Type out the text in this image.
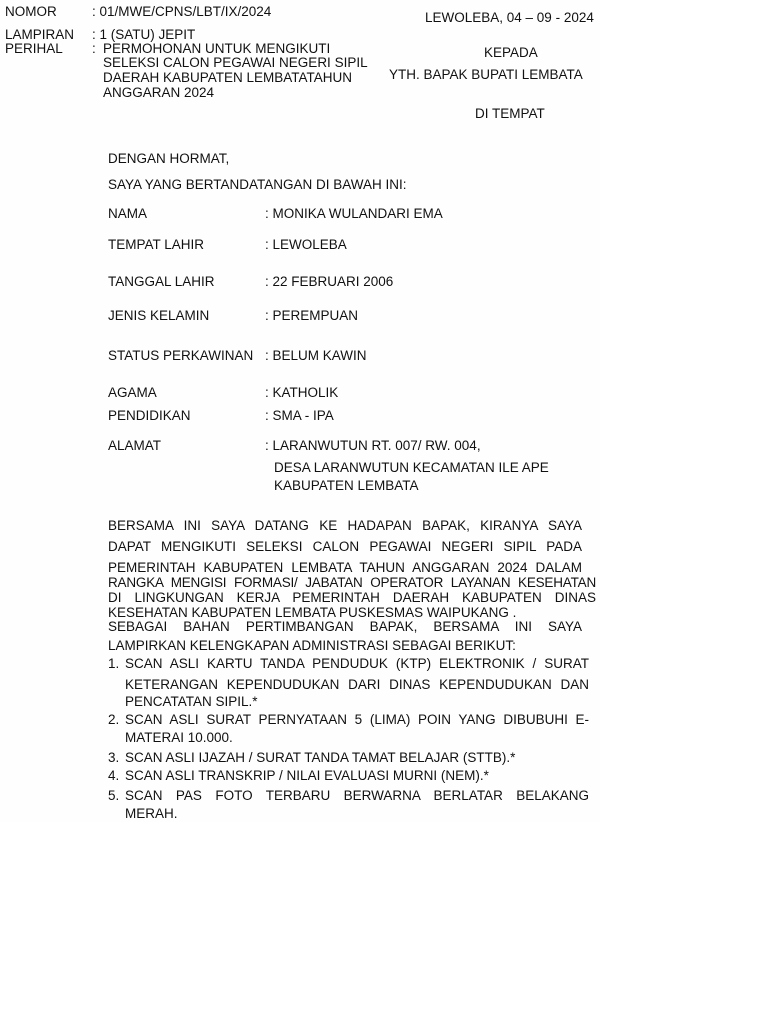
NOMOR	: 01/MWE/CPNS/LBT/IX/2024
LAMPIRAN : 1 (SATU) JEPIT
PERIHAL : PERMOHONAN UNTUK MENGIKUTI
SELEKSI CALON PEGAWAI NEGERI SIPIL
DAERAH KABUPATEN LEMBATATAHUN
ANGGARAN 2024
LEWOLEBA, 04 – 09 - 2024
KEPADA
YTH. BAPAK BUPATI LEMBATA
DI TEMPAT
DENGAN HORMAT,
SAYA YANG BERTANDATANGAN DI BAWAH INI:
NAMA	: MONIKA WULANDARI EMA
TEMPAT LAHIR	: LEWOLEBA
TANGGAL LAHIR	: 22 FEBRUARI 2006
JENIS KELAMIN	: PEREMPUAN
STATUS PERKAWINAN : BELUM KAWIN
AGAMA	: KATHOLIK
PENDIDIKAN	: SMA - IPA
ALAMAT	: LARANWUTUN RT. 007/ RW. 004,
DESA LARANWUTUN KECAMATAN ILE APE
KABUPATEN LEMBATA
BERSAMA INI SAYA DATANG KE HADAPAN BAPAK, KIRANYA SAYA
DAPAT MENGIKUTI SELEKSI CALON PEGAWAI NEGERI SIPIL PADA
PEMERINTAH KABUPATEN LEMBATA TAHUN ANGGARAN 2024 DALAM
RANGKA MENGISI FORMASI/ JABATAN OPERATOR LAYANAN KESEHATAN
DI LINGKUNGAN KERJA PEMERINTAH DAERAH KABUPATEN DINAS
KESEHATAN KABUPATEN LEMBATA PUSKESMAS WAIPUKANG .
SEBAGAI BAHAN PERTIMBANGAN BAPAK, BERSAMA INI SAYA
LAMPIRKAN KELENGKAPAN ADMINISTRASI SEBAGAI BERIKUT:
1. SCAN ASLI KARTU TANDA PENDUDUK (KTP) ELEKTRONIK / SURAT
KETERANGAN KEPENDUDUKAN DARI DINAS KEPENDUDUKAN DAN
PENCATATAN SIPIL.*
2. SCAN ASLI SURAT PERNYATAAN 5 (LIMA) POIN YANG DIBUBUHI E-
MATERAI 10.000.
3. SCAN ASLI IJAZAH / SURAT TANDA TAMAT BELAJAR (STTB).*
4. SCAN ASLI TRANSKRIP / NILAI EVALUASI MURNI (NEM).*
5. SCAN PAS FOTO TERBARU BERWARNA BERLATAR BELAKANG
MERAH.
